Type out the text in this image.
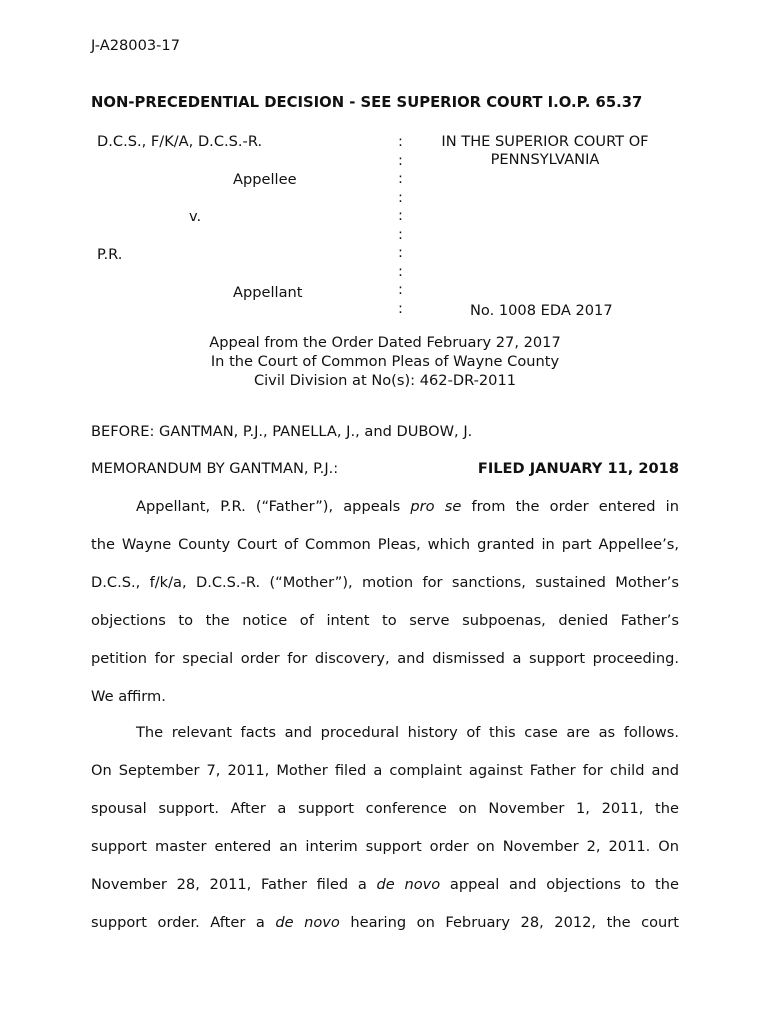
J-A28003-17
NON-PRECEDENTIAL DECISION - SEE SUPERIOR COURT I.O.P. 65.37
D.C.S., F/K/A, D.C.S.-R.
Appellee
v.
P.R.
Appellant
:
:
:
:
:
:
:
:
:
:
IN THE SUPERIOR COURT OF
PENNSYLVANIA
No. 1008 EDA 2017
Appeal from the Order Dated February 27, 2017
In the Court of Common Pleas of Wayne County
Civil Division at No(s): 462-DR-2011
BEFORE: GANTMAN, P.J., PANELLA, J., and DUBOW, J.
MEMORANDUM BY GANTMAN, P.J.:	FILED JANUARY 11, 2018
Appellant, P.R. (“Father”), appeals pro se from the order entered in
the Wayne County Court of Common Pleas, which granted in part Appellee’s,
D.C.S., f/k/a, D.C.S.-R. (“Mother”), motion for sanctions, sustained Mother’s
objections to the notice of intent to serve subpoenas, denied Father’s
petition for special order for discovery, and dismissed a support proceeding.
We affirm.
The relevant facts and procedural history of this case are as follows.
On September 7, 2011, Mother filed a complaint against Father for child and
spousal support. After a support conference on November 1, 2011, the
support master entered an interim support order on November 2, 2011. On
November 28, 2011, Father filed a de novo appeal and objections to the
support order. After a de novo hearing on February 28, 2012, the court
